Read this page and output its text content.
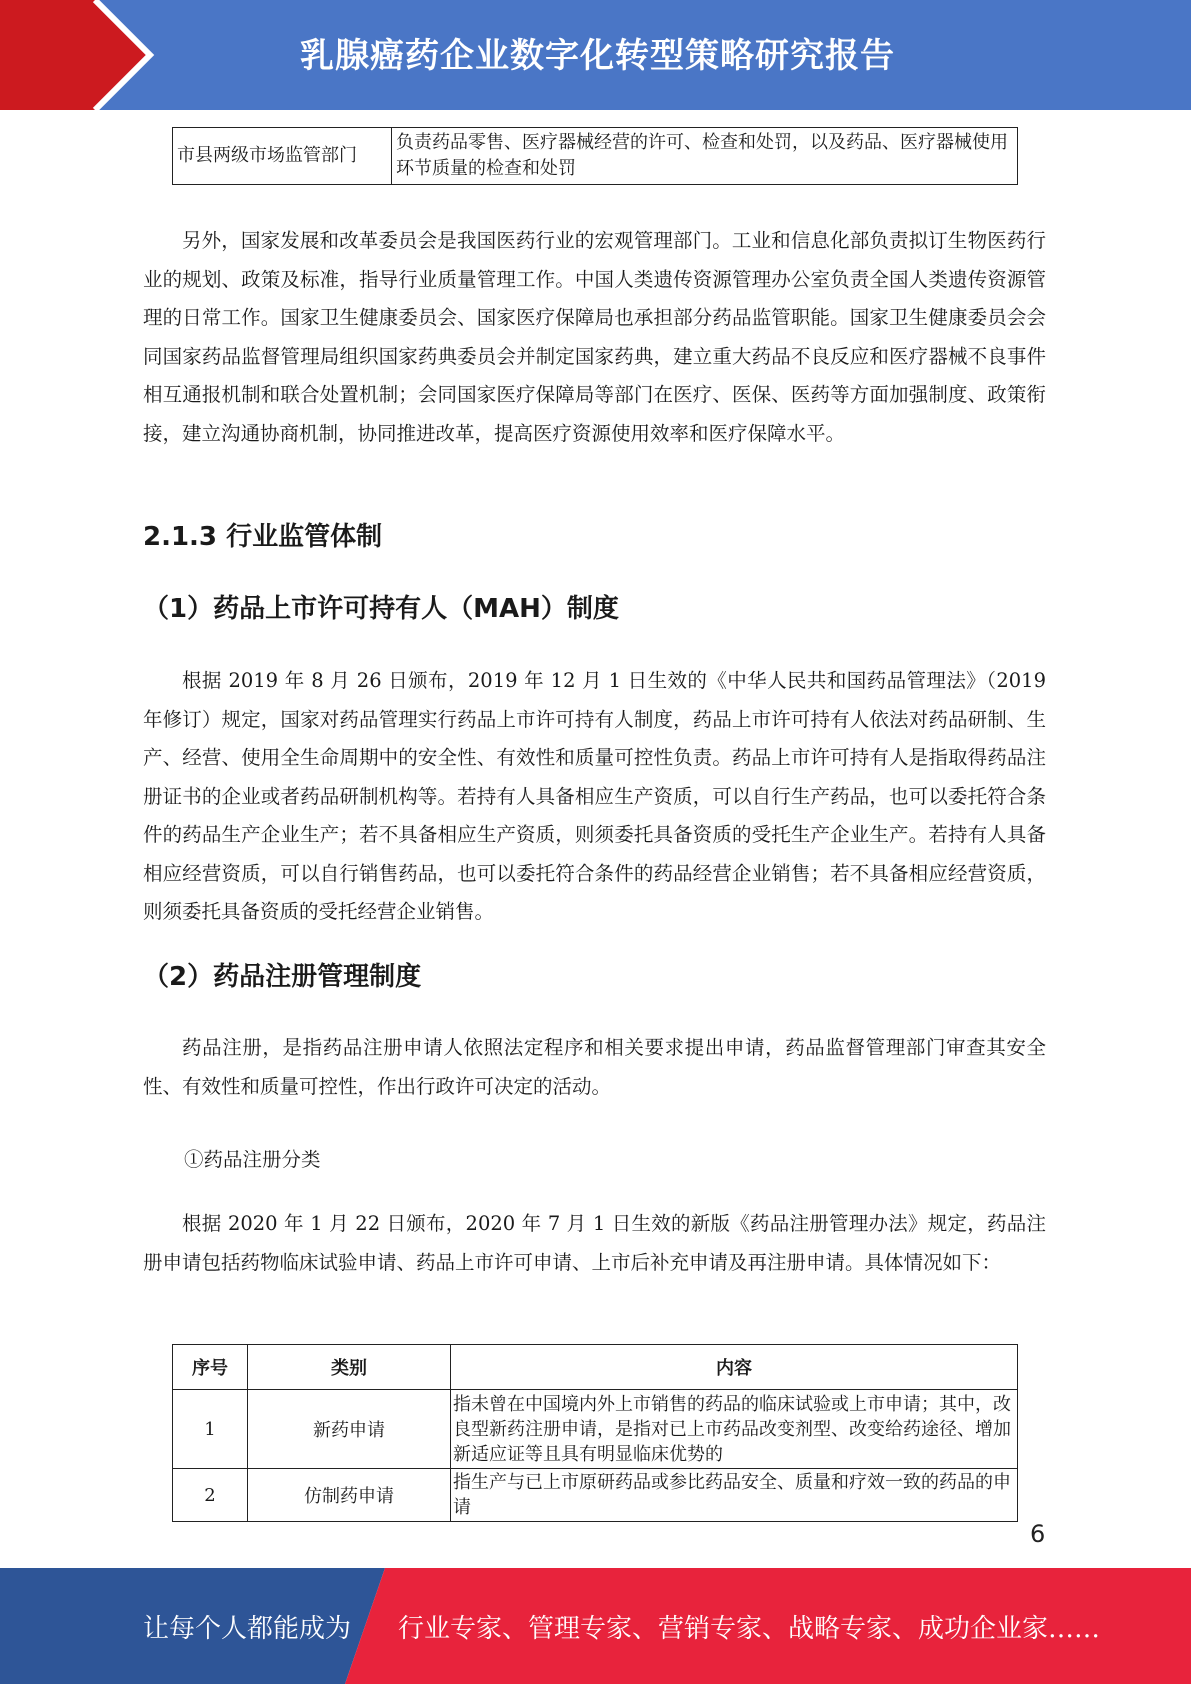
乳腺癌药企业数字化转型策略研究报告
市县两级市场监管部门	负责药品零售、医疗器械经营的许可、检查和处罚，以及药品、医疗器械使用环节质量的检查和处罚

另外，国家发展和改革委员会是我国医药行业的宏观管理部门。工业和信息化部负责拟订生物医药行业的规划、政策及标准，指导行业质量管理工作。中国人类遗传资源管理办公室负责全国人类遗传资源管理的日常工作。国家卫生健康委员会、国家医疗保障局也承担部分药品监管职能。国家卫生健康委员会会同国家药品监督管理局组织国家药典委员会并制定国家药典，建立重大药品不良反应和医疗器械不良事件相互通报机制和联合处置机制；会同国家医疗保障局等部门在医疗、医保、医药等方面加强制度、政策衔接，建立沟通协商机制，协同推进改革，提高医疗资源使用效率和医疗保障水平。

2.1.3 行业监管体制
（1）药品上市许可持有人（MAH）制度

根据 2019 年 8 月 26 日颁布，2019 年 12 月 1 日生效的《中华人民共和国药品管理法》（2019 年修订）规定，国家对药品管理实行药品上市许可持有人制度，药品上市许可持有人依法对药品研制、生产、经营、使用全生命周期中的安全性、有效性和质量可控性负责。药品上市许可持有人是指取得药品注册证书的企业或者药品研制机构等。若持有人具备相应生产资质，可以自行生产药品，也可以委托符合条件的药品生产企业生产；若不具备相应生产资质，则须委托具备资质的受托生产企业生产。若持有人具备相应经营资质，可以自行销售药品，也可以委托符合条件的药品经营企业销售；若不具备相应经营资质，则须委托具备资质的受托经营企业销售。

（2）药品注册管理制度

药品注册，是指药品注册申请人依照法定程序和相关要求提出申请，药品监督管理部门审查其安全性、有效性和质量可控性，作出行政许可决定的活动。

①药品注册分类

根据 2020 年 1 月 22 日颁布，2020 年 7 月 1 日生效的新版《药品注册管理办法》规定，药品注册申请包括药物临床试验申请、药品上市许可申请、上市后补充申请及再注册申请。具体情况如下：

序号	类别	内容
1	新药申请	指未曾在中国境内外上市销售的药品的临床试验或上市申请；其中，改良型新药注册申请，是指对已上市药品改变剂型、改变给药途径、增加新适应证等且具有明显临床优势的
2	仿制药申请	指生产与已上市原研药品或参比药品安全、质量和疗效一致的药品的申请
6
让每个人都能成为 行业专家、管理专家、营销专家、战略专家、成功企业家……
